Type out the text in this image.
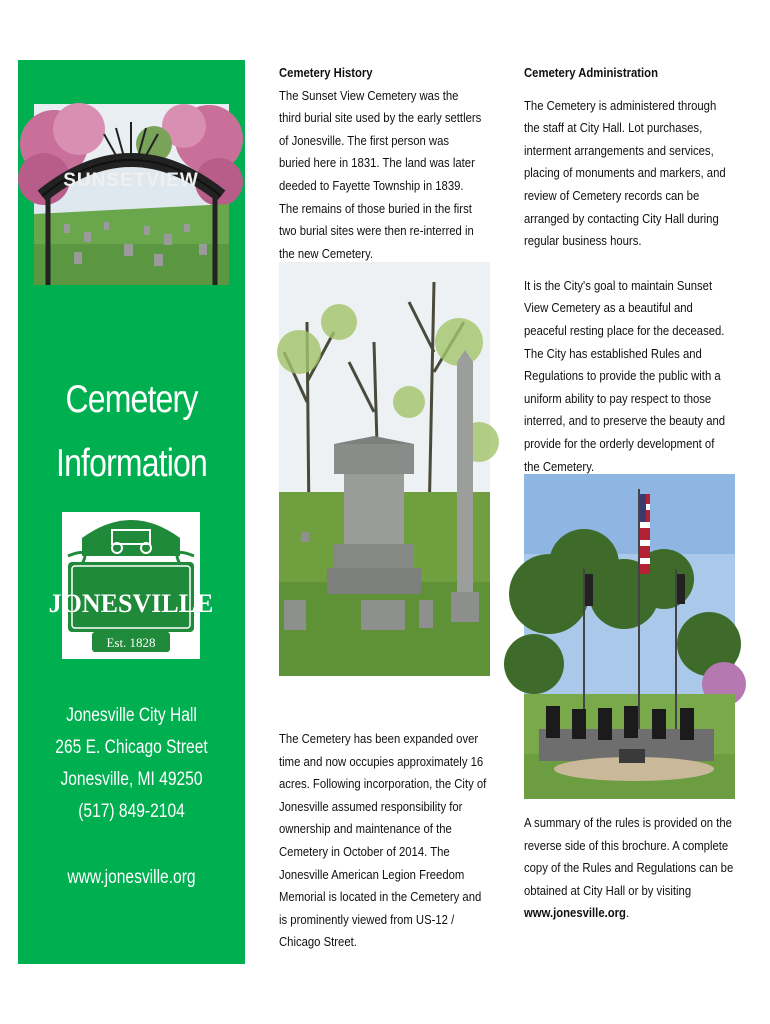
SUNSETVIEW
Cemetery
Information
JONESVILLE
Est. 1828
Jonesville City Hall
265 E. Chicago Street
Jonesville, MI 49250
(517) 849-2104
www.jonesville.org

Cemetery History

The Sunset View Cemetery was the third burial site used by the early settlers of Jonesville. The first person was buried here in 1831. The land was later deeded to Fayette Township in 1839. The remains of those buried in the first two burial sites were then re-interred in the new Cemetery.

The Cemetery has been expanded over time and now occupies approximately 16 acres. Following incorporation, the City of Jonesville assumed responsibility for ownership and maintenance of the Cemetery in October of 2014. The Jonesville American Legion Freedom Memorial is located in the Cemetery and is prominently viewed from US-12 / Chicago Street.

Cemetery Administration

The Cemetery is administered through the staff at City Hall. Lot purchases, interment arrangements and services, placing of monuments and markers, and review of Cemetery records can be arranged by contacting City Hall during regular business hours.

It is the City's goal to maintain Sunset View Cemetery as a beautiful and peaceful resting place for the deceased. The City has established Rules and Regulations to provide the public with a uniform ability to pay respect to those interred, and to preserve the beauty and provide for the orderly development of the Cemetery.

A summary of the rules is provided on the reverse side of this brochure. A complete copy of the Rules and Regulations can be obtained at City Hall or by visiting www.jonesville.org.
